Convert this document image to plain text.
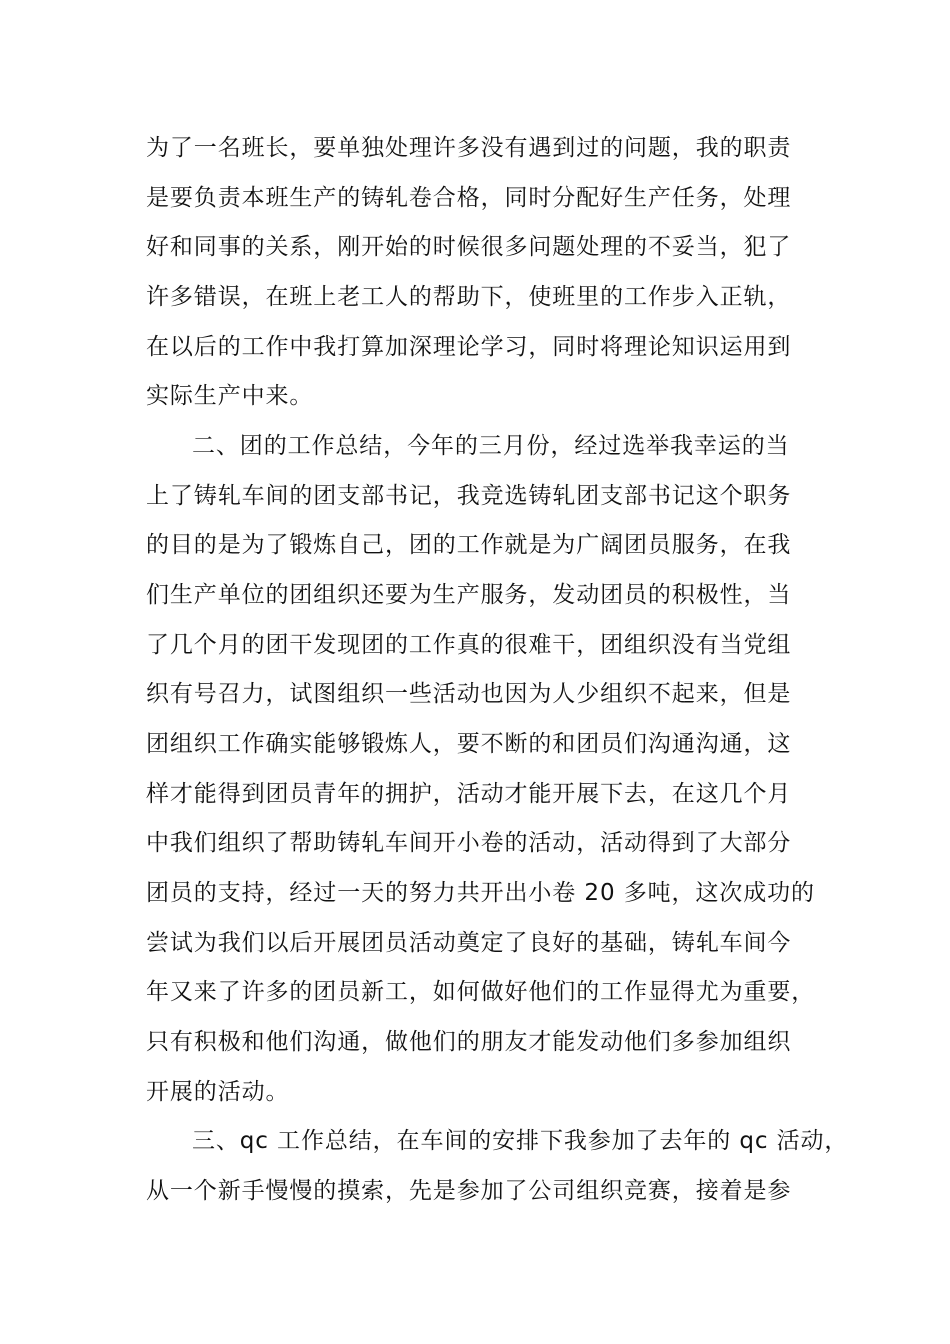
为了一名班长，要单独处理许多没有遇到过的问题，我的职责
是要负责本班生产的铸轧卷合格，同时分配好生产任务，处理
好和同事的关系，刚开始的时候很多问题处理的不妥当，犯了
许多错误，在班上老工人的帮助下，使班里的工作步入正轨，
在以后的工作中我打算加深理论学习，同时将理论知识运用到
实际生产中来。
二、团的工作总结，今年的三月份，经过选举我幸运的当
上了铸轧车间的团支部书记，我竞选铸轧团支部书记这个职务
的目的是为了锻炼自己，团的工作就是为广阔团员服务，在我
们生产单位的团组织还要为生产服务，发动团员的积极性，当
了几个月的团干发现团的工作真的很难干，团组织没有当党组
织有号召力，试图组织一些活动也因为人少组织不起来，但是
团组织工作确实能够锻炼人，要不断的和团员们沟通沟通，这
样才能得到团员青年的拥护，活动才能开展下去，在这几个月
中我们组织了帮助铸轧车间开小卷的活动，活动得到了大部分
团员的支持，经过一天的努力共开出小卷 20 多吨，这次成功的
尝试为我们以后开展团员活动奠定了良好的基础，铸轧车间今
年又来了许多的团员新工，如何做好他们的工作显得尤为重要，
只有积极和他们沟通，做他们的朋友才能发动他们多参加组织
开展的活动。
三、qc 工作总结，在车间的安排下我参加了去年的 qc 活动，
从一个新手慢慢的摸索，先是参加了公司组织竞赛，接着是参
